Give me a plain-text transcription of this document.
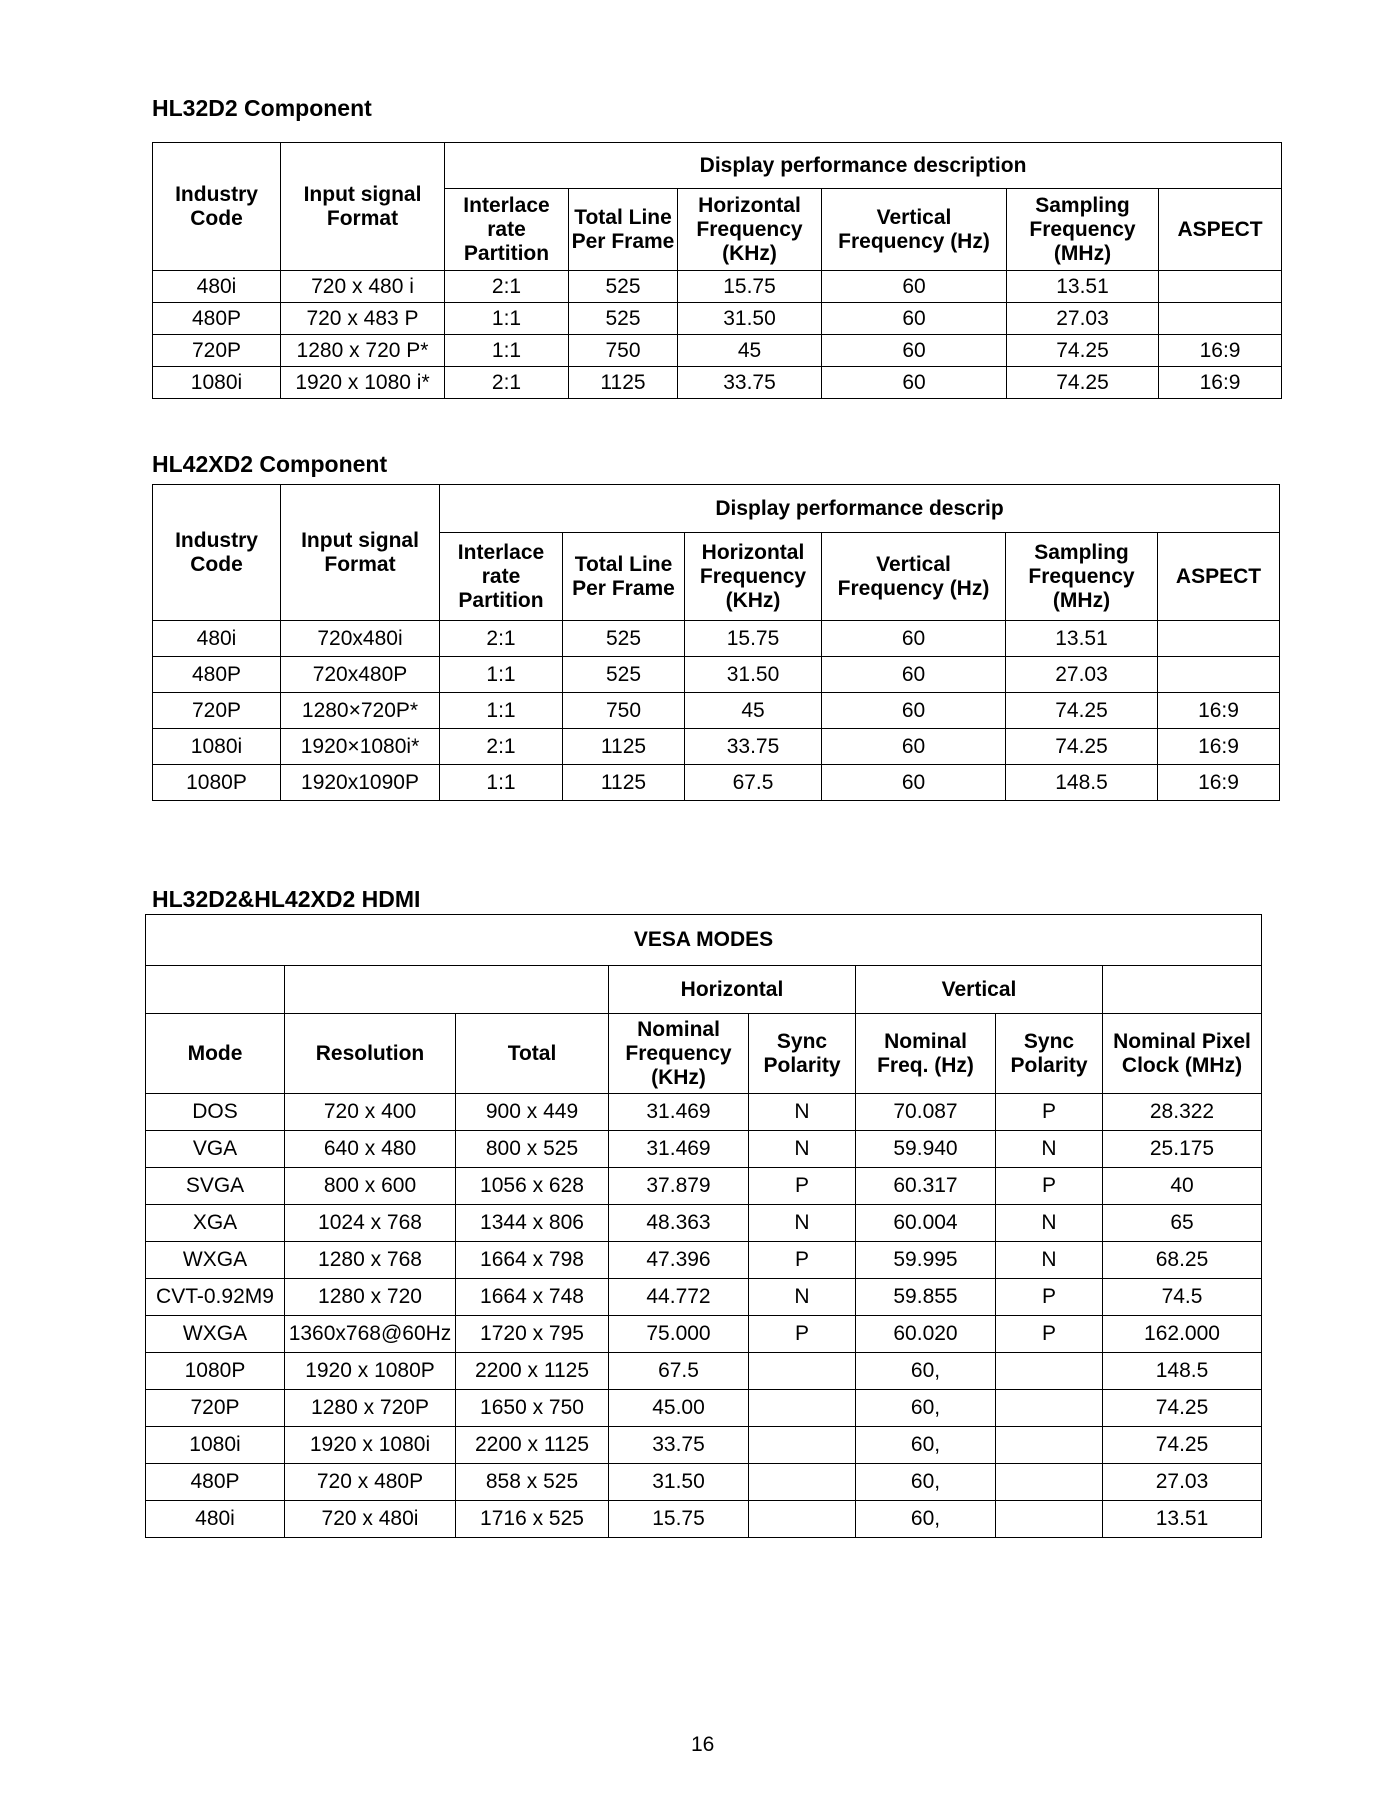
HL32D2 Component
Industry Code	Input signal Format	Display performance description					
		Interlace rate Partition	Total Line Per Frame	Horizontal Frequency (KHz)	Vertical Frequency (Hz)	Sampling Frequency (MHz)	ASPECT
480i	720 x 480 i	2:1	525	15.75	60	13.51	
480P	720 x 483 P	1:1	525	31.50	60	27.03	
720P	1280 x 720 P*	1:1	750	45	60	74.25	16:9
1080i	1920 x 1080 i*	2:1	1125	33.75	60	74.25	16:9
HL42XD2 Component
Industry Code	Input signal Format	Display performance descrip					
		Interlace rate Partition	Total Line Per Frame	Horizontal Frequency (KHz)	Vertical Frequency (Hz)	Sampling Frequency (MHz)	ASPECT
480i	720x480i	2:1	525	15.75	60	13.51	
480P	720x480P	1:1	525	31.50	60	27.03	
720P	1280×720P*	1:1	750	45	60	74.25	16:9
1080i	1920×1080i*	2:1	1125	33.75	60	74.25	16:9
1080P	1920x1090P	1:1	1125	67.5	60	148.5	16:9
HL32D2&HL42XD2 HDMI
VESA MODES							
			Horizontal		Vertical		
Mode	Resolution	Total	Nominal Frequency (KHz)	Sync Polarity	Nominal Freq. (Hz)	Sync Polarity	Nominal Pixel Clock (MHz)
DOS	720 x 400	900 x 449	31.469	N	70.087	P	28.322
VGA	640 x 480	800 x 525	31.469	N	59.940	N	25.175
SVGA	800 x 600	1056 x 628	37.879	P	60.317	P	40
XGA	1024 x 768	1344 x 806	48.363	N	60.004	N	65
WXGA	1280 x 768	1664 x 798	47.396	P	59.995	N	68.25
CVT-0.92M9	1280 x 720	1664 x 748	44.772	N	59.855	P	74.5
WXGA	1360x768@60Hz	1720 x 795	75.000	P	60.020	P	162.000
1080P	1920 x 1080P	2200 x 1125	67.5		60,		148.5
720P	1280 x 720P	1650 x 750	45.00		60,		74.25
1080i	1920 x 1080i	2200 x 1125	33.75		60,		74.25
480P	720 x 480P	858 x 525	31.50		60,		27.03
480i	720 x 480i	1716 x 525	15.75		60,		13.51
16
